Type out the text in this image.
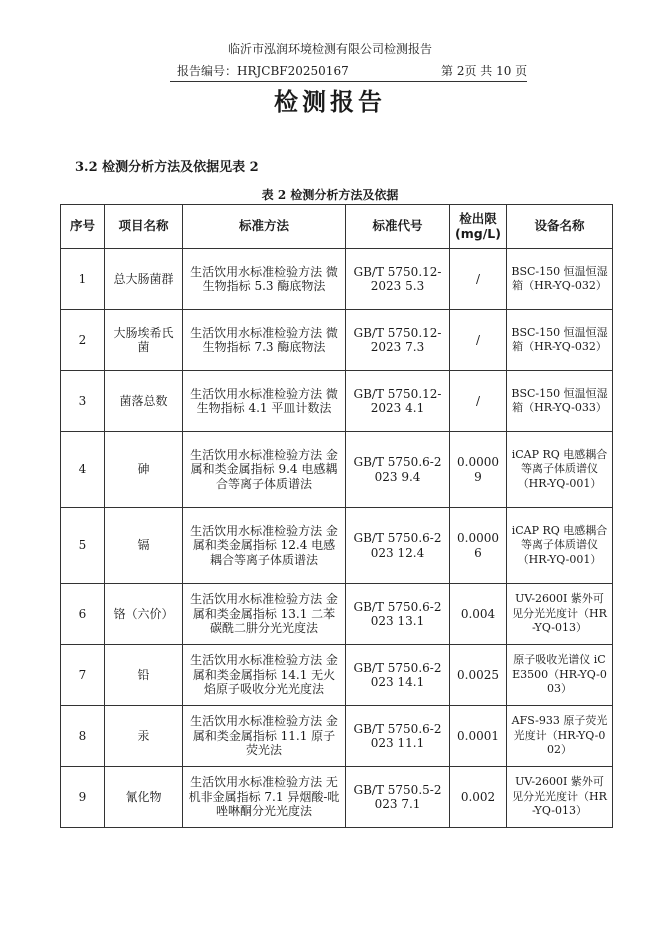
临沂市泓润环境检测有限公司检测报告
报告编号：HRJCBF20250167	第 2页 共 10 页
检测报告
3.2 检测分析方法及依据见表 2
表 2 检测分析方法及依据
序号	项目名称	标准方法	标准代号	检出限 (mg/L)	设备名称
1	总大肠菌群	生活饮用水标准检验方法 微生物指标 5.3 酶底物法	GB/T 5750.12-2023 5.3	/	BSC-150 恒温恒湿箱（HR-YQ-032）
2	大肠埃希氏菌	生活饮用水标准检验方法 微生物指标 7.3 酶底物法	GB/T 5750.12-2023 7.3	/	BSC-150 恒温恒湿箱（HR-YQ-032）
3	菌落总数	生活饮用水标准检验方法 微生物指标 4.1 平皿计数法	GB/T 5750.12-2023 4.1	/	BSC-150 恒温恒湿箱（HR-YQ-033）
4	砷	生活饮用水标准检验方法 金属和类金属指标 9.4 电感耦合等离子体质谱法	GB/T 5750.6-2023 9.4	0.00009	iCAP RQ 电感耦合等离子体质谱仪（HR-YQ-001）
5	镉	生活饮用水标准检验方法 金属和类金属指标 12.4 电感耦合等离子体质谱法	GB/T 5750.6-2023 12.4	0.00006	iCAP RQ 电感耦合等离子体质谱仪（HR-YQ-001）
6	铬（六价）	生活饮用水标准检验方法 金属和类金属指标 13.1 二苯碳酰二肼分光光度法	GB/T 5750.6-2023 13.1	0.004	UV-2600I 紫外可见分光光度计（HR-YQ-013）
7	铅	生活饮用水标准检验方法 金属和类金属指标 14.1 无火焰原子吸收分光光度法	GB/T 5750.6-2023 14.1	0.0025	原子吸收光谱仪 iCE3500（HR-YQ-003）
8	汞	生活饮用水标准检验方法 金属和类金属指标 11.1 原子荧光法	GB/T 5750.6-2023 11.1	0.0001	AFS-933 原子荧光光度计（HR-YQ-002）
9	氰化物	生活饮用水标准检验方法 无机非金属指标 7.1 异烟酸-吡唑啉酮分光光度法	GB/T 5750.5-2023 7.1	0.002	UV-2600I 紫外可见分光光度计（HR-YQ-013）
